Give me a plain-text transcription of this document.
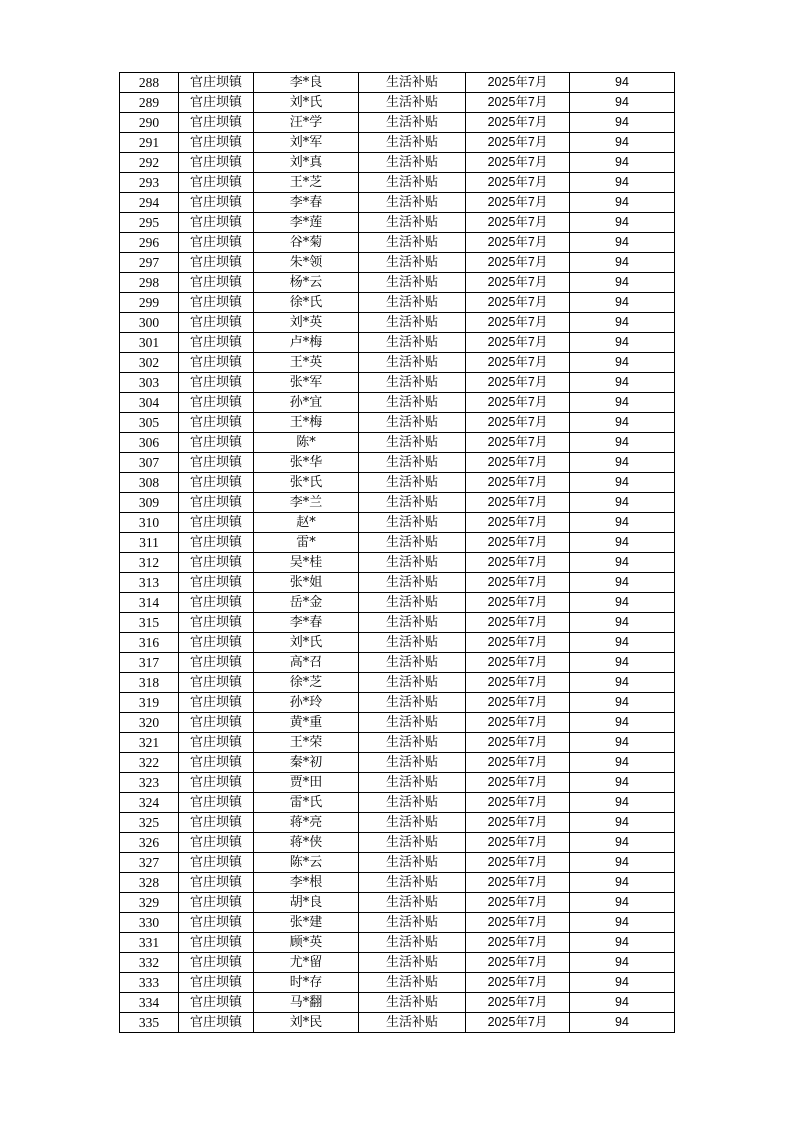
288	官庄坝镇	李*良	生活补贴	2025年7月	94
289	官庄坝镇	刘*氏	生活补贴	2025年7月	94
290	官庄坝镇	汪*学	生活补贴	2025年7月	94
291	官庄坝镇	刘*军	生活补贴	2025年7月	94
292	官庄坝镇	刘*真	生活补贴	2025年7月	94
293	官庄坝镇	王*芝	生活补贴	2025年7月	94
294	官庄坝镇	李*春	生活补贴	2025年7月	94
295	官庄坝镇	李*莲	生活补贴	2025年7月	94
296	官庄坝镇	谷*菊	生活补贴	2025年7月	94
297	官庄坝镇	朱*领	生活补贴	2025年7月	94
298	官庄坝镇	杨*云	生活补贴	2025年7月	94
299	官庄坝镇	徐*氏	生活补贴	2025年7月	94
300	官庄坝镇	刘*英	生活补贴	2025年7月	94
301	官庄坝镇	卢*梅	生活补贴	2025年7月	94
302	官庄坝镇	王*英	生活补贴	2025年7月	94
303	官庄坝镇	张*军	生活补贴	2025年7月	94
304	官庄坝镇	孙*宜	生活补贴	2025年7月	94
305	官庄坝镇	王*梅	生活补贴	2025年7月	94
306	官庄坝镇	陈*	生活补贴	2025年7月	94
307	官庄坝镇	张*华	生活补贴	2025年7月	94
308	官庄坝镇	张*氏	生活补贴	2025年7月	94
309	官庄坝镇	李*兰	生活补贴	2025年7月	94
310	官庄坝镇	赵*	生活补贴	2025年7月	94
311	官庄坝镇	雷*	生活补贴	2025年7月	94
312	官庄坝镇	吴*桂	生活补贴	2025年7月	94
313	官庄坝镇	张*姐	生活补贴	2025年7月	94
314	官庄坝镇	岳*金	生活补贴	2025年7月	94
315	官庄坝镇	李*春	生活补贴	2025年7月	94
316	官庄坝镇	刘*氏	生活补贴	2025年7月	94
317	官庄坝镇	高*召	生活补贴	2025年7月	94
318	官庄坝镇	徐*芝	生活补贴	2025年7月	94
319	官庄坝镇	孙*玲	生活补贴	2025年7月	94
320	官庄坝镇	黄*重	生活补贴	2025年7月	94
321	官庄坝镇	王*荣	生活补贴	2025年7月	94
322	官庄坝镇	秦*初	生活补贴	2025年7月	94
323	官庄坝镇	贾*田	生活补贴	2025年7月	94
324	官庄坝镇	雷*氏	生活补贴	2025年7月	94
325	官庄坝镇	蒋*亮	生活补贴	2025年7月	94
326	官庄坝镇	蒋*侠	生活补贴	2025年7月	94
327	官庄坝镇	陈*云	生活补贴	2025年7月	94
328	官庄坝镇	李*根	生活补贴	2025年7月	94
329	官庄坝镇	胡*良	生活补贴	2025年7月	94
330	官庄坝镇	张*建	生活补贴	2025年7月	94
331	官庄坝镇	顾*英	生活补贴	2025年7月	94
332	官庄坝镇	尤*留	生活补贴	2025年7月	94
333	官庄坝镇	时*存	生活补贴	2025年7月	94
334	官庄坝镇	马*翻	生活补贴	2025年7月	94
335	官庄坝镇	刘*民	生活补贴	2025年7月	94
